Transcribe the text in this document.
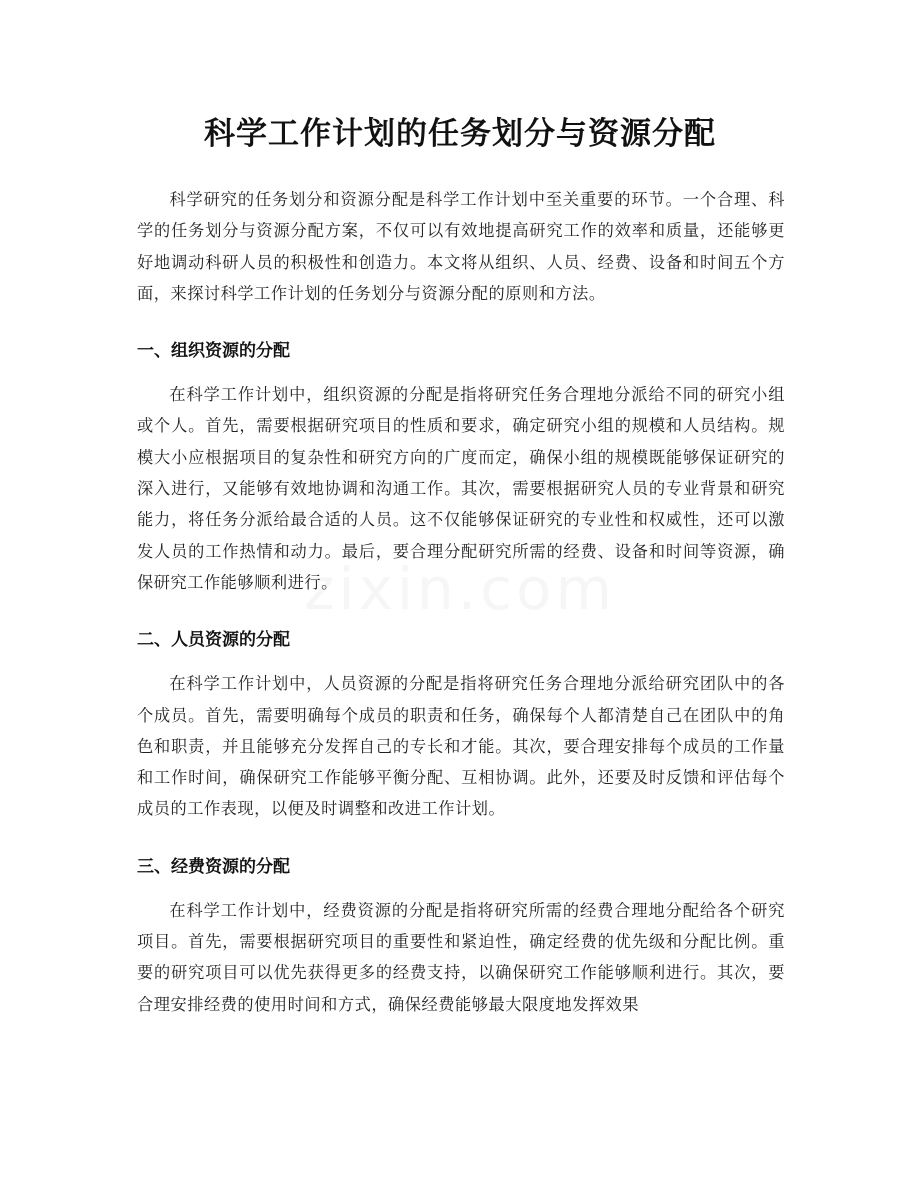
科学工作计划的任务划分与资源分配

科学研究的任务划分和资源分配是科学工作计划中至关重要的环节。一个合理、科学的任务划分与资源分配方案，不仅可以有效地提高研究工作的效率和质量，还能够更好地调动科研人员的积极性和创造力。本文将从组织、人员、经费、设备和时间五个方面，来探讨科学工作计划的任务划分与资源分配的原则和方法。

一、组织资源的分配

在科学工作计划中，组织资源的分配是指将研究任务合理地分派给不同的研究小组或个人。首先，需要根据研究项目的性质和要求，确定研究小组的规模和人员结构。规模大小应根据项目的复杂性和研究方向的广度而定，确保小组的规模既能够保证研究的深入进行，又能够有效地协调和沟通工作。其次，需要根据研究人员的专业背景和研究能力，将任务分派给最合适的人员。这不仅能够保证研究的专业性和权威性，还可以激发人员的工作热情和动力。最后，要合理分配研究所需的经费、设备和时间等资源，确保研究工作能够顺利进行。

二、人员资源的分配

在科学工作计划中，人员资源的分配是指将研究任务合理地分派给研究团队中的各个成员。首先，需要明确每个成员的职责和任务，确保每个人都清楚自己在团队中的角色和职责，并且能够充分发挥自己的专长和才能。其次，要合理安排每个成员的工作量和工作时间，确保研究工作能够平衡分配、互相协调。此外，还要及时反馈和评估每个成员的工作表现，以便及时调整和改进工作计划。

三、经费资源的分配

在科学工作计划中，经费资源的分配是指将研究所需的经费合理地分配给各个研究项目。首先，需要根据研究项目的重要性和紧迫性，确定经费的优先级和分配比例。重要的研究项目可以优先获得更多的经费支持，以确保研究工作能够顺利进行。其次，要合理安排经费的使用时间和方式，确保经费能够最大限度地发挥效果
